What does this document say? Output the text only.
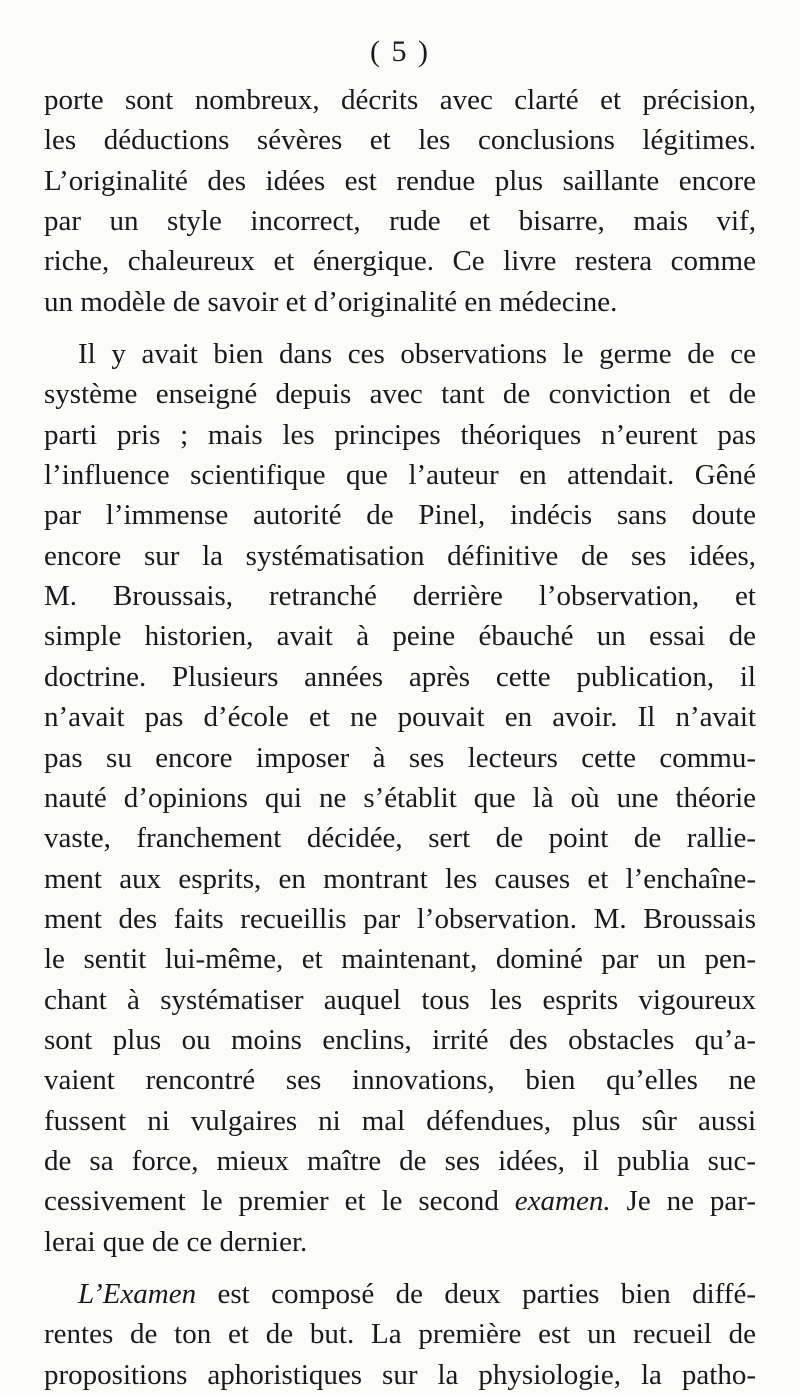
( 5 )
porte sont nombreux, décrits avec clarté et précision,
les déductions sévères et les conclusions légitimes.
L’originalité des idées est rendue plus saillante encore
par un style incorrect, rude et bisarre, mais vif,
riche, chaleureux et énergique. Ce livre restera comme
un modèle de savoir et d’originalité en médecine.
Il y avait bien dans ces observations le germe de ce
système enseigné depuis avec tant de conviction et de
parti pris ; mais les principes théoriques n’eurent pas
l’influence scientifique que l’auteur en attendait. Gêné
par l’immense autorité de Pinel, indécis sans doute
encore sur la systématisation définitive de ses idées,
M. Broussais, retranché derrière l’observation, et
simple historien, avait à peine ébauché un essai de
doctrine. Plusieurs années après cette publication, il
n’avait pas d’école et ne pouvait en avoir. Il n’avait
pas su encore imposer à ses lecteurs cette commu-
nauté d’opinions qui ne s’établit que là où une théorie
vaste, franchement décidée, sert de point de rallie-
ment aux esprits, en montrant les causes et l’enchaîne-
ment des faits recueillis par l’observation. M. Broussais
le sentit lui-même, et maintenant, dominé par un pen-
chant à systématiser auquel tous les esprits vigoureux
sont plus ou moins enclins, irrité des obstacles qu’a-
vaient rencontré ses innovations, bien qu’elles ne
fussent ni vulgaires ni mal défendues, plus sûr aussi
de sa force, mieux maître de ses idées, il publia suc-
cessivement le premier et le second examen. Je ne par-
lerai que de ce dernier.
L’Examen est composé de deux parties bien diffé-
rentes de ton et de but. La première est un recueil de
propositions aphoristiques sur la physiologie, la patho-
